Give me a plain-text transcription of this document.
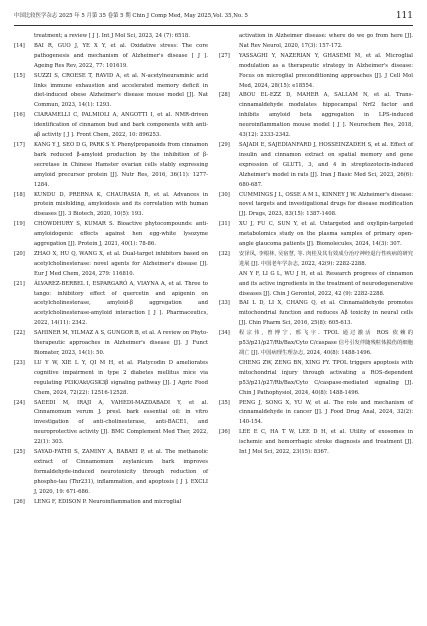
中国比较医学杂志 2025 年 5 月第 35 卷第 5 期 Chin J Comp Med, May 2025,Vol. 35,No. 5	111
treatment; a review [ J ]. Int J Mol Sci, 2023, 24 (7): 6518.
[14] BAI R, GUO J, YE X Y, et al. Oxidative stress: The core pathogenesis and mechanism of Alzheimer's disease [ J ]. Ageing Res Rev, 2022, 77: 101619.
[15] SUZZI S, CROESE T, RAVID A, et al. N-acetylneuraminic acid links immune exhaustion and accelerated memory deficit in diet-induced obese Alzheimer's disease mouse model [J]. Nat Commun, 2023, 14(1): 1293.
[16] CIARAMELLI C, PALMIOLI A, ANGOTTI I, et al. NMR-driven identification of cinnamon bud and bark components with anti-aβ activity [ J ]. Front Chem, 2022, 10: 896253.
[17] KANG Y J, SEO D G, PARK S Y. Phenylpropanoids from cinnamon bark reduced β-amyloid production by the inhibition of β-secretase in Chinese Hamster ovarian cells stably expressing amyloid precursor protein [J]. Nutr Res, 2016, 36(11): 1277-1284.
[18] KUNDU D, PRERNA K, CHAURASIA R, et al. Advances in protein misfolding, amyloidosis and its correlation with human diseases [J]. 3 Biotech, 2020, 10(5): 193.
[19] CHOWDHURY S, KUMAR S. Bioactive phytocompounds: anti-amyloidogenic effects against hen egg-white lysozyme aggregation [J]. Protein J, 2021, 40(1): 78-86.
[20] ZHAO X, HU Q, WANG X, et al. Dual-target inhibitors based on acetylcholinesterase: novel agents for Alzheimer's disease [J]. Eur J Med Chem, 2024, 279: 116810.
[21] ÁLVAREZ-BERBEL I, ESPARGARÓ A, VIAYNA A, et al. Three to tango: inhibitory effect of quercetin and apigenin on acetylcholinesterase, amyloid-β aggregation and acetylcholinesterase-amyloid interaction [ J ]. Pharmaceutics, 2022, 14(11): 2342.
[22] SAHINER M, YILMAZ A S, GUNGOR B, et al. A review on Phyto-therapeutic approaches in Alzheimer's disease [J]. J Funct Biomater, 2023, 14(1): 50.
[23] LU Y W, XIE L Y, QI M H, et al. Platycodin D ameliorates cognitive impairment in type 2 diabetes mellitus mice via regulating PI3K/Akt/GSK3β signaling pathway [J]. J Agric Food Chem, 2024, 72(22): 12516-12528.
[24] SAEEDI M, IRAJI A, VAHEDI-MAZDABADI Y, et al. Cinnamomum verum J. presl. bark essential oil: in vitro investigation of anti-cholinesterase, anti-BACE1, and neuroprotective activity [J]. BMC Complement Med Ther, 2022, 22(1): 303.
[25] SAYAD-FATHI S, ZAMINY A, BABAEI P, et al. The methanolic extract of Cinnamomum zeylanicum bark improves formaldehyde-induced neurotoxicity through reduction of phospho-tau (Thr231), inflammation, and apoptosis [ J ]. EXCLI J, 2020, 19: 671-686.
[26] LENG F, EDISON P. Neuroinflammation and microglial
activation in Alzheimer disease: where do we go from here [J]. Nat Rev Neurol, 2020, 17(3): 157-172.
[27] YASSAGHI Y, NAZERIAN Y, GHASEMI M, et al. Microglial modulation as a therapeutic strategy in Alzheimer's disease: Focus on microglial preconditioning approaches [J]. J Cell Mol Med, 2024, 28(15): e18554.
[28] ABOU EL-EZZ D, MAHER A, SALLAM N, et al. Trans-cinnamaldehyde modulates hippocampal Nrf2 factor and inhibits amyloid beta aggregation in LPS-induced neuroinflammation mouse model [ J ]. Neurochem Res, 2018, 43(12): 2333-2342.
[29] SAJADI E, SAJEDIANFARD J, HOSSEINZADEH S, et al. Effect of insulin and cinnamon extract on spatial memory and gene expression of GLUT1, 3, and 4 in streptozotocin-induced Alzheimer's model in rats [J]. Iran J Basic Med Sci, 2023, 26(6): 680-687.
[30] CUMMINGS J L, OSSE A M L, KINNEY J W. Alzheimer's disease: novel targets and investigational drugs for disease modification [J]. Drugs, 2023, 83(15): 1387-1408.
[31] XU J, FU C, SUN Y, et al. Untargeted and oxylipin-targeted metabolomics study on the plasma samples of primary open-angle glaucoma patients [J]. Biomolecules, 2024, 14(3): 307.
[32] 安泽凤, 李根林, 吴宿慧, 等. 肉桂及其有效成分治疗神经退行性疾病的研究进展 [J]. 中国老年学杂志, 2022, 42(9): 2282-2288.
AN Y F, LI G L, WU J H, et al. Research progress of cinnamon and its active ingredients in the treatment of neurodegenerative diseases [J]. Chin J Gerontol, 2022, 42 (9): 2282-2288.
[33] BAI L D, LI X, CHANG Q, et al. Cinnamaldehyde promotes mitochondrial function and reduces Aβ toxicity in neural cells [J]. Chin Pharm Sci, 2016, 25(8): 605-613.
[34] 程宗伟, 曾博宁, 邢飞宇. TPOL 通过激活 ROS 依赖的 p53/p21/p27/Rb/Bax/Cyto C/caspase 信号引发伴随残粒体损伤的细胞凋亡 [J]. 中国病理生理杂志, 2024, 40(8): 1488-1496.
CHENG ZW, ZENG BN, XING FY. TPOL triggers apoptosis with mitochondrial injury through activating a ROS-dependent p53/p21/p27/Rb/Bax/Cyto C/caspase-mediated signaling [J]. Chin J Pathophysiol, 2024, 40(8): 1488-1496.
[35] PENG J, SONG X, YU W, et al. The role and mechanism of cinnamaldehyde in cancer [J]. J Food Drug Anal, 2024, 32(2): 140-154.
[36] LEE E C, HA T W, LEE D H, et al. Utility of exosomes in ischemic and hemorrhagic stroke diagnosis and treatment [J]. Int J Mol Sci, 2022, 23(15): 8367.
